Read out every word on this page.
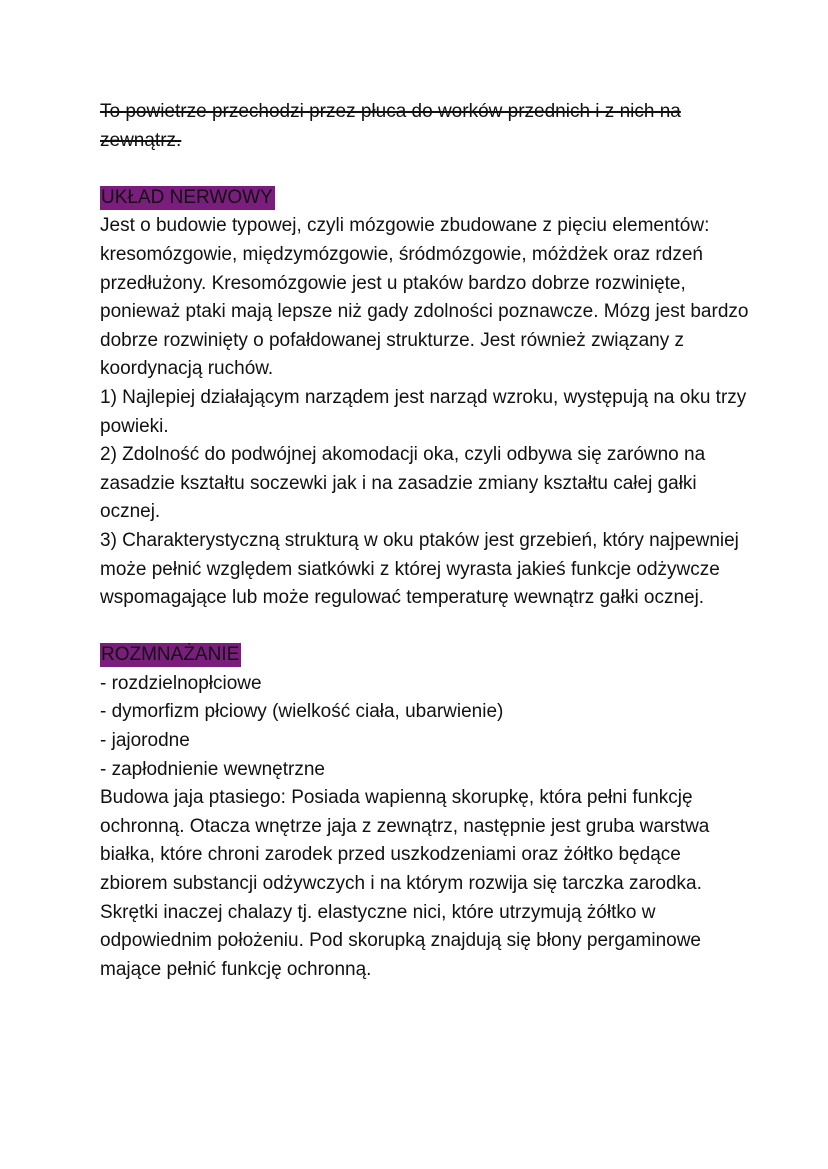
To powietrze przechodzi przez płuca do worków przednich i z nich na
zewnątrz.
UKŁAD NERWOWY
Jest o budowie typowej, czyli mózgowie zbudowane z pięciu elementów:
kresomózgowie, międzymózgowie, śródmózgowie, móżdżek oraz rdzeń
przedłużony. Kresomózgowie jest u ptaków bardzo dobrze rozwinięte,
ponieważ ptaki mają lepsze niż gady zdolności poznawcze. Mózg jest bardzo
dobrze rozwinięty o pofałdowanej strukturze. Jest również związany z
koordynacją ruchów.
1) Najlepiej działającym narządem jest narząd wzroku, występują na oku trzy
powieki.
2) Zdolność do podwójnej akomodacji oka, czyli odbywa się zarówno na
zasadzie kształtu soczewki jak i na zasadzie zmiany kształtu całej gałki
ocznej.
3) Charakterystyczną strukturą w oku ptaków jest grzebień, który najpewniej
może pełnić względem siatkówki z której wyrasta jakieś funkcje odżywcze
wspomagające lub może regulować temperaturę wewnątrz gałki ocznej.
ROZMNAŻANIE
- rozdzielnopłciowe
- dymorfizm płciowy (wielkość ciała, ubarwienie)
- jajorodne
- zapłodnienie wewnętrzne
Budowa jaja ptasiego: Posiada wapienną skorupkę, która pełni funkcję
ochronną. Otacza wnętrze jaja z zewnątrz, następnie jest gruba warstwa
białka, które chroni zarodek przed uszkodzeniami oraz żółtko będące
zbiorem substancji odżywczych i na którym rozwija się tarczka zarodka.
Skrętki inaczej chalazy tj. elastyczne nici, które utrzymują żółtko w
odpowiednim położeniu. Pod skorupką znajdują się błony pergaminowe
mające pełnić funkcję ochronną.
